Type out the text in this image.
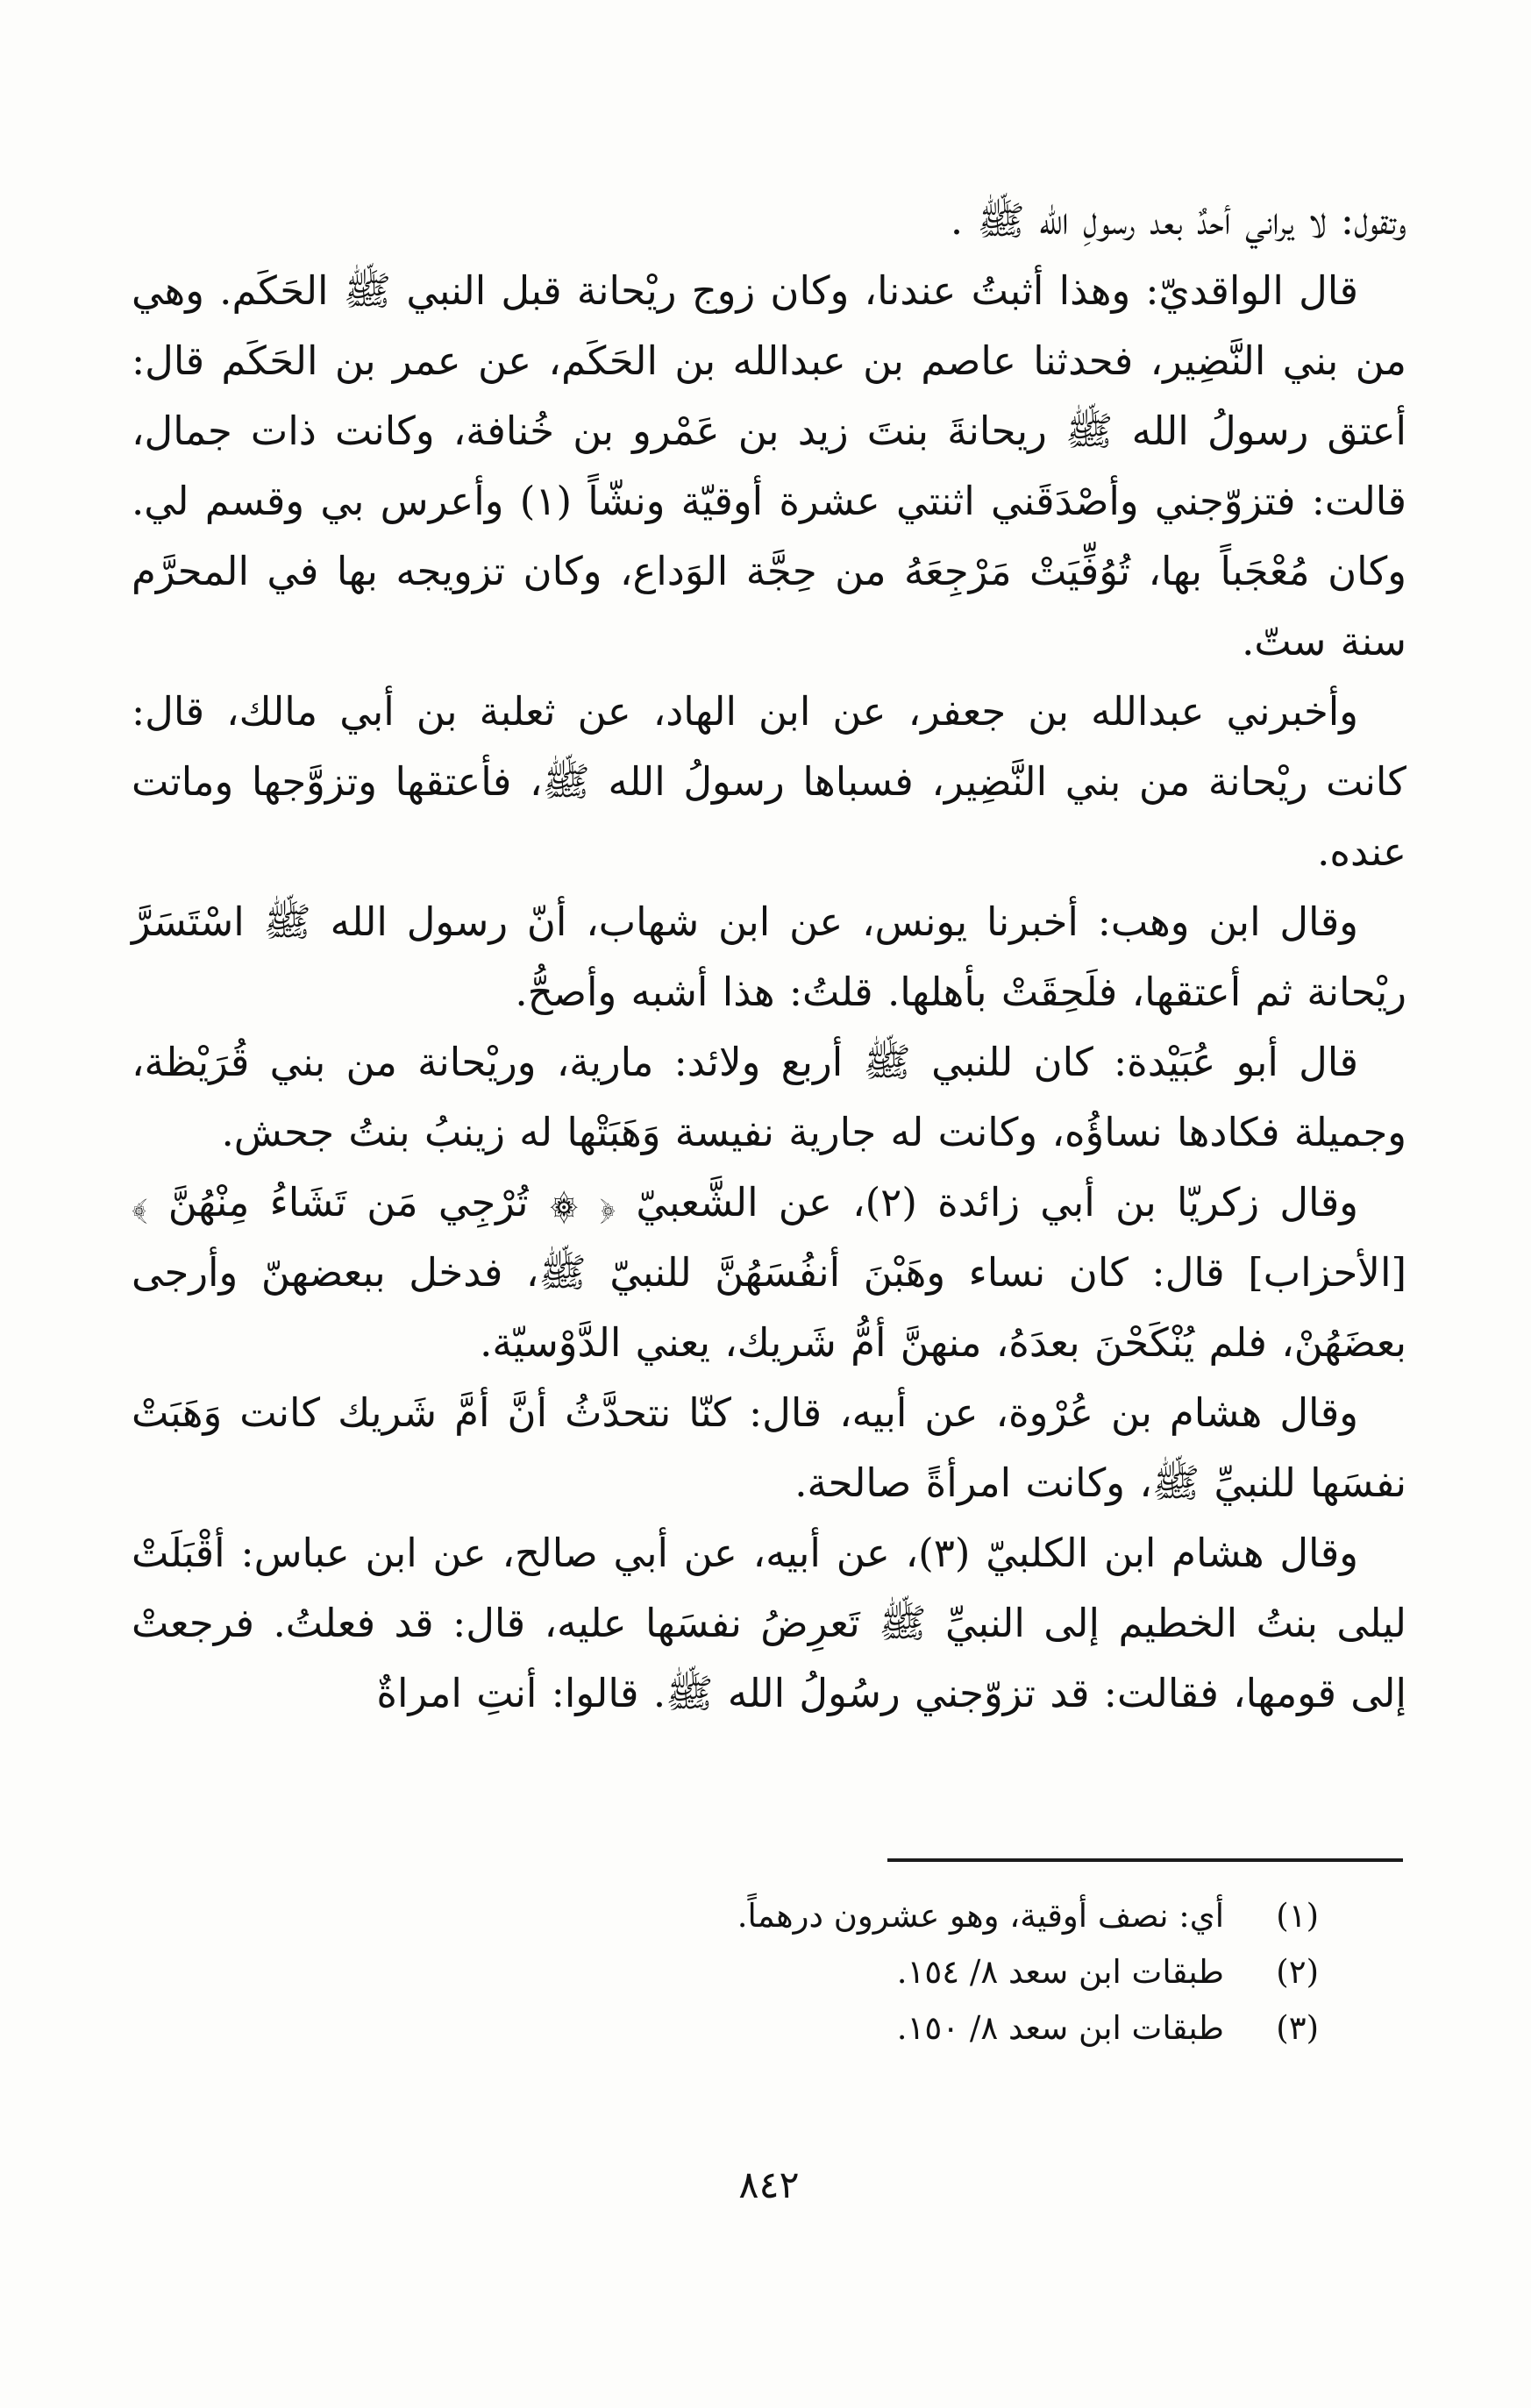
وتقول: لا يراني أحدٌ بعد رسولِ الله ﷺ .

قال الواقديّ: وهذا أثبتُ عندنا، وكان زوج ريْحانة قبل النبي ﷺ الحَكَم. وهي من بني النَّضِير، فحدثنا عاصم بن عبدالله بن الحَكَم، عن عمر بن الحَكَم قال: أعتق رسولُ الله ﷺ ريحانةَ بنتَ زيد بن عَمْرو بن خُنافة، وكانت ذات جمال، قالت: فتزوّجني وأصْدَقَني اثنتي عشرة أوقيّة ونشّاً (١) وأعرس بي وقسم لي. وكان مُعْجَباً بها، تُوُفِّيَتْ مَرْجِعَهُ من حِجَّة الوَداع، وكان تزويجه بها في المحرَّم سنة ستّ.

وأخبرني عبدالله بن جعفر، عن ابن الهاد، عن ثعلبة بن أبي مالك، قال: كانت ريْحانة من بني النَّضِير، فسباها رسولُ الله ﷺ، فأعتقها وتزوَّجها وماتت عنده.

وقال ابن وهب: أخبرنا يونس، عن ابن شهاب، أنّ رسول الله ﷺ اسْتَسَرَّ ريْحانة ثم أعتقها، فلَحِقَتْ بأهلها. قلتُ: هذا أشبه وأصحُّ.

قال أبو عُبَيْدة: كان للنبي ﷺ أربع ولائد: مارية، وريْحانة من بني قُرَيْظة، وجميلة فكادها نساؤُه، وكانت له جارية نفيسة وَهَبَتْها له زينبُ بنتُ جحش.

وقال زكريّا بن أبي زائدة (٢)، عن الشَّعبيّ ﴿ ۞ تُرْجِي مَن تَشَاءُ مِنْهُنَّ ﴾ [الأحزاب] قال: كان نساء وهَبْنَ أنفُسَهُنَّ للنبيّ ﷺ، فدخل ببعضهنّ وأرجى بعضَهُنْ، فلم يُنْكَحْنَ بعدَهُ، منهنَّ أمُّ شَريك، يعني الدَّوْسيّة.

وقال هشام بن عُرْوة، عن أبيه، قال: كنّا نتحدَّثُ أنَّ أمَّ شَريك كانت وَهَبَتْ نفسَها للنبيِّ ﷺ، وكانت امرأةً صالحة.

وقال هشام ابن الكلبيّ (٣)، عن أبيه، عن أبي صالح، عن ابن عباس: أقْبَلَتْ ليلى بنتُ الخطيم إلى النبيِّ ﷺ تَعرِضُ نفسَها عليه، قال: قد فعلتُ. فرجعتْ إلى قومها، فقالت: قد تزوّجني رسُولُ الله ﷺ. قالوا: أنتِ امراةٌ

(١)
أي: نصف أوقية، وهو عشرون درهماً.
(٢)
طبقات ابن سعد ٨/ ١٥٤.
(٣)
طبقات ابن سعد ٨/ ١٥٠.
٨٤٢
